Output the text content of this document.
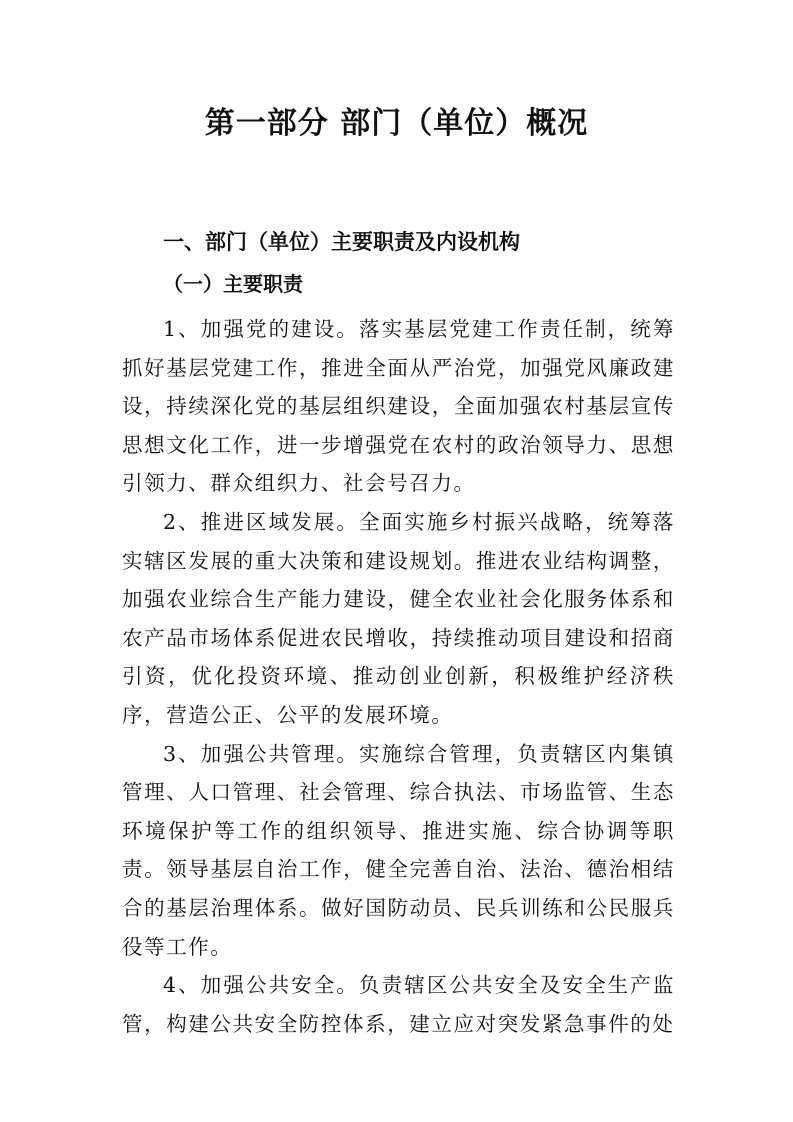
第一部分 部门（单位）概况
一、部门（单位）主要职责及内设机构
（一）主要职责

1、加强党的建设。落实基层党建工作责任制，统筹抓好基层党建工作，推进全面从严治党，加强党风廉政建设，持续深化党的基层组织建设，全面加强农村基层宣传思想文化工作，进一步增强党在农村的政治领导力、思想引领力、群众组织力、社会号召力。

2、推进区域发展。全面实施乡村振兴战略，统筹落实辖区发展的重大决策和建设规划。推进农业结构调整，加强农业综合生产能力建设，健全农业社会化服务体系和农产品市场体系促进农民增收，持续推动项目建设和招商引资，优化投资环境、推动创业创新，积极维护经济秩序，营造公正、公平的发展环境。

3、加强公共管理。实施综合管理，负责辖区内集镇管理、人口管理、社会管理、综合执法、市场监管、生态环境保护等工作的组织领导、推进实施、综合协调等职责。领导基层自治工作，健全完善自治、法治、德治相结合的基层治理体系。做好国防动员、民兵训练和公民服兵役等工作。

4、加强公共安全。负责辖区公共安全及安全生产监管，构建公共安全防控体系，建立应对突发紧急事件的处
